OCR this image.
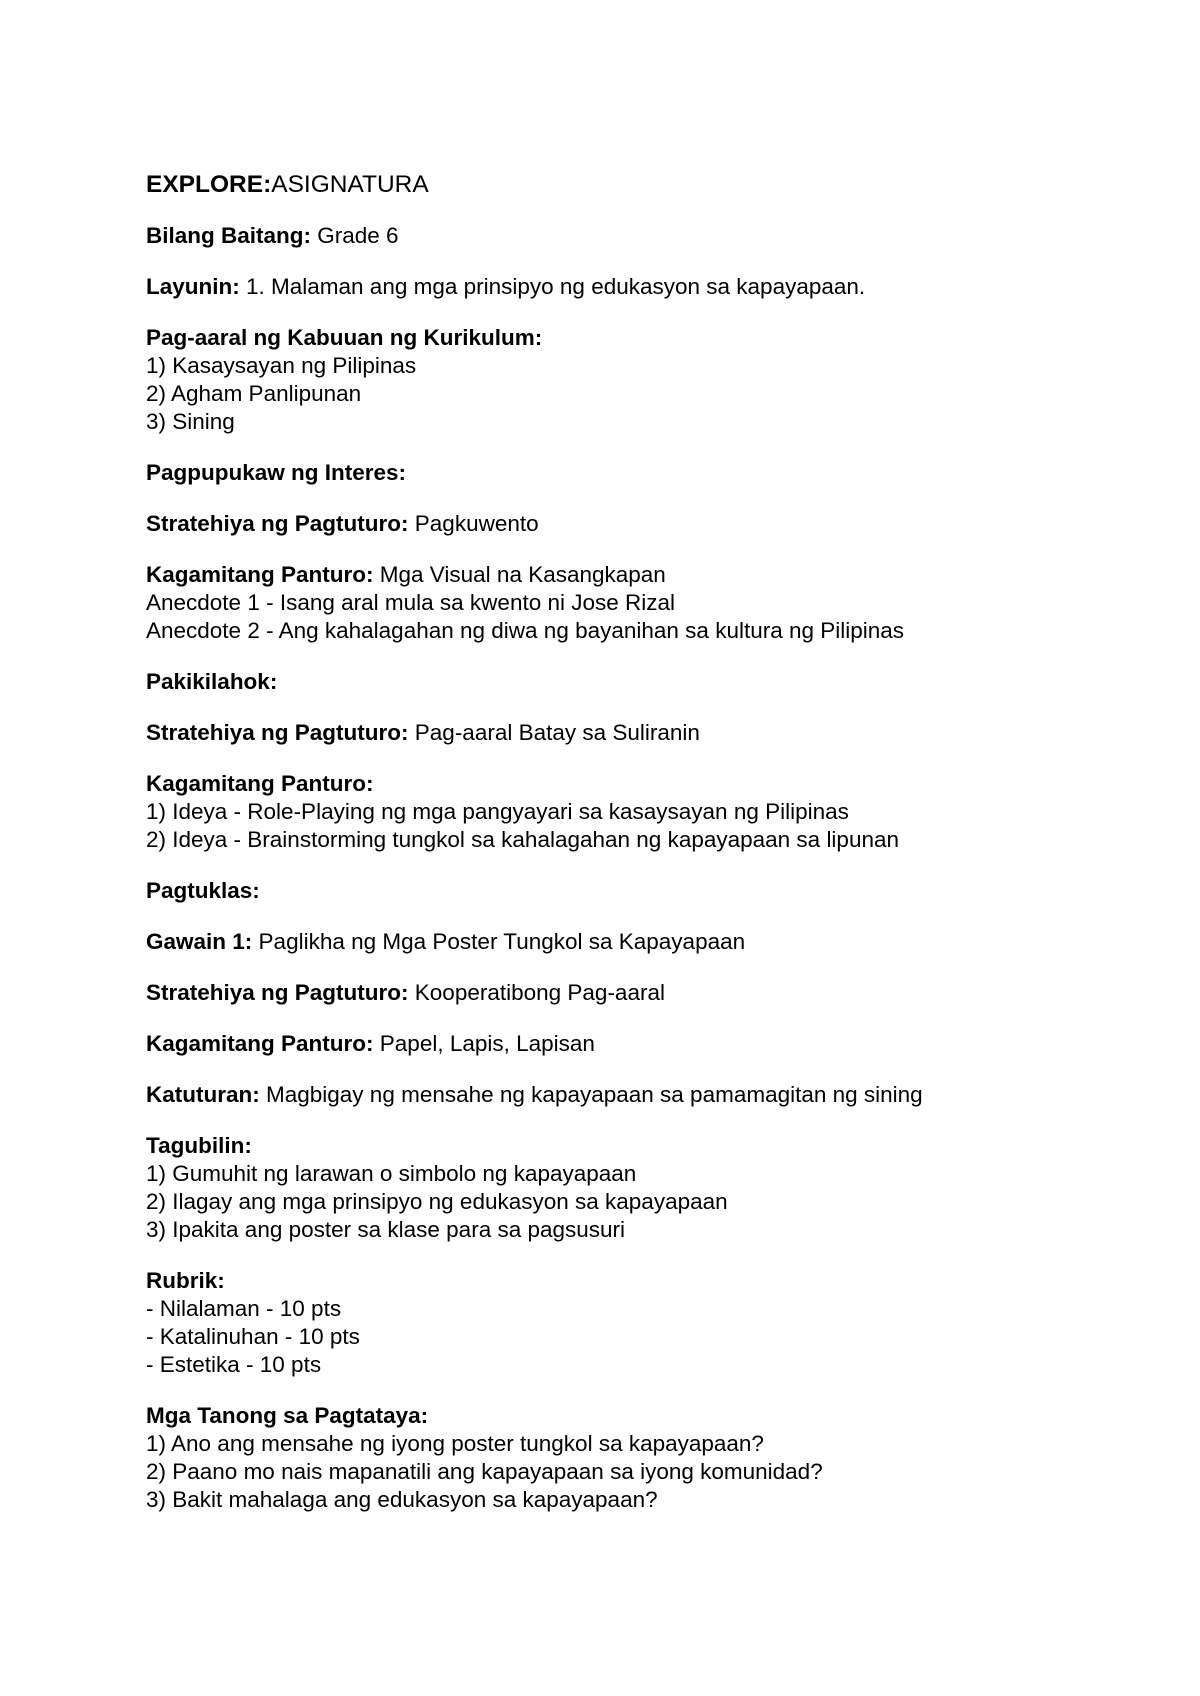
EXPLORE:ASIGNATURA
Bilang Baitang: Grade 6
Layunin: 1. Malaman ang mga prinsipyo ng edukasyon sa kapayapaan.
Pag-aaral ng Kabuuan ng Kurikulum:
1) Kasaysayan ng Pilipinas
2) Agham Panlipunan
3) Sining
Pagpupukaw ng Interes:
Stratehiya ng Pagtuturo: Pagkuwento
Kagamitang Panturo: Mga Visual na Kasangkapan
Anecdote 1 - Isang aral mula sa kwento ni Jose Rizal
Anecdote 2 - Ang kahalagahan ng diwa ng bayanihan sa kultura ng Pilipinas
Pakikilahok:
Stratehiya ng Pagtuturo: Pag-aaral Batay sa Suliranin
Kagamitang Panturo:
1) Ideya - Role-Playing ng mga pangyayari sa kasaysayan ng Pilipinas
2) Ideya - Brainstorming tungkol sa kahalagahan ng kapayapaan sa lipunan
Pagtuklas:
Gawain 1: Paglikha ng Mga Poster Tungkol sa Kapayapaan
Stratehiya ng Pagtuturo: Kooperatibong Pag-aaral
Kagamitang Panturo: Papel, Lapis, Lapisan
Katuturan: Magbigay ng mensahe ng kapayapaan sa pamamagitan ng sining
Tagubilin:
1) Gumuhit ng larawan o simbolo ng kapayapaan
2) Ilagay ang mga prinsipyo ng edukasyon sa kapayapaan
3) Ipakita ang poster sa klase para sa pagsusuri
Rubrik:
- Nilalaman - 10 pts
- Katalinuhan - 10 pts
- Estetika - 10 pts
Mga Tanong sa Pagtataya:
1) Ano ang mensahe ng iyong poster tungkol sa kapayapaan?
2) Paano mo nais mapanatili ang kapayapaan sa iyong komunidad?
3) Bakit mahalaga ang edukasyon sa kapayapaan?
